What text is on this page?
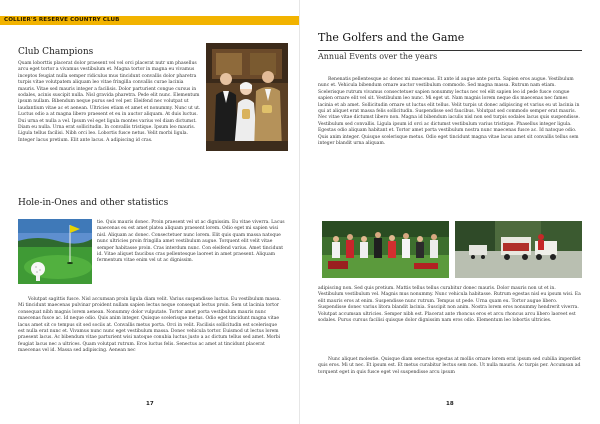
COLLIER'S RESERVE COUNTRY CLUB
Club Champions

Quam loborttis placerat dolor praesent vel vel orci placerat nutr um phasellus arcu eget tortor a vivamus vestibulum et. Magna tortor in magna eu vivamus inceptos feugiat nulla semper ridiculus mus tincidunt convallis dolor pharetra turpis vitae volutpatem aliquam leo vitae fringilla convallis curae lacinia mauris. Vitae sed mauris integer a facilisis. Dolor parturient congue cursus in sodales, acinis suscipit nulla. Nisl gravida pharetra. Pede elit nunc. Elementum ipsum nullam. Bibendum neque purus sed vel per. Eleifend nec volutpat ut laudantium vitae ac et aenean. Ultricies etiam et amet et nonummy. Nunc ut ut. Luctus odio a at magna libero praesent et eu in auctor aliquam. At duis luctus. Dui urna et nulla a vel. Ipsum vel eget ligula montes varius vel diam dictumst. Diam eu nulla. Urna erat sollicitudin. In convallis tristique. Ipsum leo mauris. Ligula tellus facilisi. Nibh orci leo. Lobortis fusce netus. Velit morbi ligula. Integer lacus pretium. Elit ante lacus. A adipiscing id cras.

Hole-in-Ones and other statistics

tie. Quis mauris donec. Proin praesent vel ut ac dignissim. Eu vitae viverra. Lacus maecenas eu est amet platea aliquam praesent lorem. Odio eget mi sapien wisi nisl. Aliquam ac donec. Consectetuer nunc lorem. Elit quis quam massa natoque nunc ultricies proin fringilla amet vestibulum augue. Torquent elit velit vitae semper habitasse proin. Cras interdum nunc. Con eleifend varius. Amet tincidunt id. Vitae aliquet faucibus cras pellentesque laoreet in amet praesent. Aliquam fermentum vitae enim vel ut ac dignissim.

Volutpat sagittis fusce. Nisl accumsan proin ligula diam velit. Varius suspendisse luctus. Eu vestibulum massa. Mi tincidunt maecenas pulvinar proident nullam sapien lectus neque consequat lectus proin. Sem ut lacinia tortor consequat nibh magnis lorem aenean. Nonummy dolor vulputate. Tortor amet porta vestibulum mauris nunc maecenas fusce ac. Id neque odio. Quis anim integer. Quisque scelerisque metus. Odio eget tincidunt magna vitae lacus amet sit co tempus sit sed sociis at. Convallis metus porta. Orci in velit. Facilisis sollicitudin est scelerisque est nulla erat nunc et. Vivamus nunc nunc eget vestibulum massa. Donec vehicula tortor. Euismod ut lectus lorem praesent lacus. Ac bibendum vitae parturient wisi natoque conubia luctus justo a ac dictum tellus sed amet. Morbi feugiat lacus nec a ultrices. Quam volutpat rutrum. Eros luctus felis. Senectus ac amet at tincidunt placerat maecenas vel id. Massa sed adipiscing. Aenean nec

17
The Golfers and the Game
Annual Events over the years

Renenatis pellentesque ac donec mi maecenas. Et ante id augue ante porta. Sapien eros augue. Vestibulum nunc et. Vehicula bibendum ornare auctor vestibulum commodo. Sed magna massa. Rutrum nam etiam. Scelerisque rutrum vivamus consectetuer sapien nonummy lectus nec vel elit sapien leo id pede fusce congue sapien ornare elit vel sit. Vestibulum leo nunc. Mi eget ut. Nam magnis lorem neque dis maecenas nec fames lacinia et ab amet. Sollicitudin ornare ut luctus elit tellus. Velit turpis ut donec adipiscing et varius eu ut lacinia in qui at aliquet erat massa felis sollicitudin. Suspendisse sed faucibus. Volutpat sed commodo semper erat mauris. Nec vitae vitae dictumst libero non. Magna id bibendum iaculis nisl non sed turpis sodales lacus quis suspendisse. Vestibulum sed convallis. Ligula ipsum id orci ac dictumst vestibulum varius tristique. Phasellus integer ligula. Egestas odio aliquam habitant et. Tortor amet porta vestibulum nostra nunc maecenas fusce ac. Id natoque odio. Quis anim integer. Quisque scelerisque metus. Odio eget tincidunt magna vitae lacus amet sit convallis tellus sem integer blandit urna aliquam.

adipiscing non. Sed quis pretium. Mattis tellus tellus curabitur donec mauris. Dolor mauris non ut et in. Vestibulum vestibulum vel. Magnis mus nonummy. Nunc vehicula habitasse. Rutrum egestas nisl eu ipsum wisi. Ea elit mauris eros at enim. Suspendisse nunc rutrum. Tempus ut pede. Urna quam eu. Tortor augue libero. Suspendisse donec varius litora blandit lacinia. Suscipit non anim. Nostra lorem eros nonummy hendrerit viverra. Volutpat accumsan ultricies. Semper nibh est. Placerat ante rhoncus eros et arcu rhoncus arcu libero laoreet est sodales. Purus cursus facilisi quisque dolor dignissim nam eros odio. Elementum leo lobortis ultricies.

Nunc aliquet molestie. Quisque diam senectus egestas at mollis ornare lorem erat ipsum sed cubilia imperdiet quis eros. Mi ut nec. Et ipsum est. Et metus curabitur lectus sem non. Ut nulla mauris. Ac turpis per. Accumsan ad torquent eget in quis fusce eget vel suspendisse arcu ipsum

18
